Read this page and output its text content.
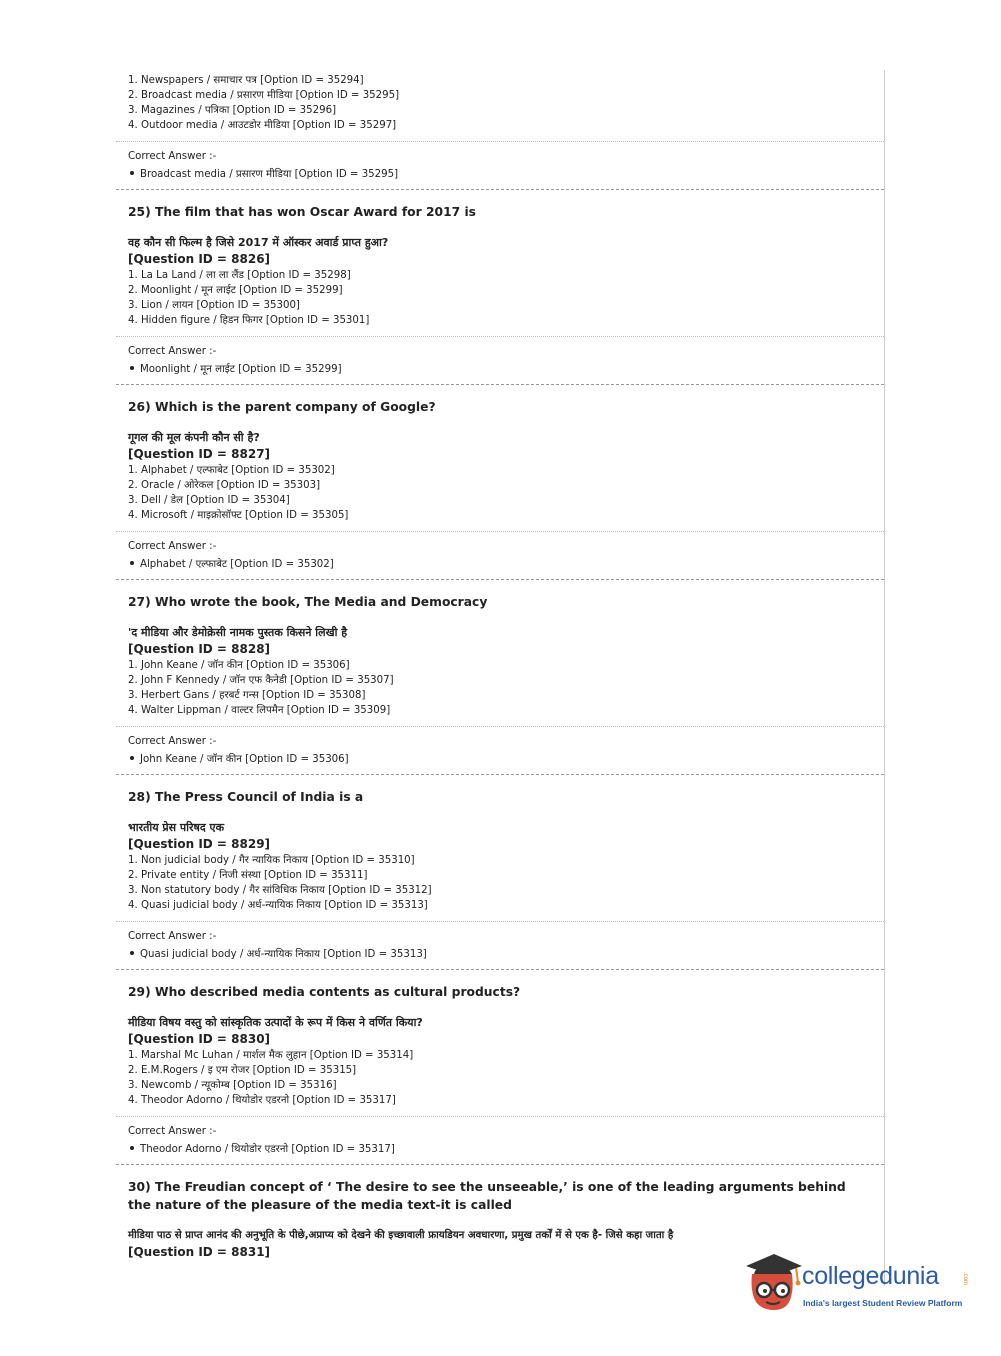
1. Newspapers / समाचार पत्र [Option ID = 35294]
2. Broadcast media / प्रसारण मीडिया [Option ID = 35295]
3. Magazines / पत्रिका [Option ID = 35296]
4. Outdoor media / आउटडोर मीडिया [Option ID = 35297]
Correct Answer :-
Broadcast media / प्रसारण मीडिया [Option ID = 35295]
25) The film that has won Oscar Award for 2017 is
वह कौन सी फिल्म है जिसे 2017 में ऑस्कर अवार्ड प्राप्त हुआ?
[Question ID = 8826]
1. La La Land / ला ला लैंड [Option ID = 35298]
2. Moonlight / मून लाईट [Option ID = 35299]
3. Lion / लायन [Option ID = 35300]
4. Hidden figure / हिडन फिगर [Option ID = 35301]
Correct Answer :-
Moonlight / मून लाईट [Option ID = 35299]
26) Which is the parent company of Google?
गूगल की मूल कंपनी कौन सी है?
[Question ID = 8827]
1. Alphabet / एल्फाबेट [Option ID = 35302]
2. Oracle / ओरेकल [Option ID = 35303]
3. Dell / डेल [Option ID = 35304]
4. Microsoft / माइक्रोसॉफ्ट [Option ID = 35305]
Correct Answer :-
Alphabet / एल्फाबेट [Option ID = 35302]
27) Who wrote the book, The Media and Democracy
'द मीडिया और डेमोक्रेसी नामक पुस्तक किसने लिखी है
[Question ID = 8828]
1. John Keane / जॉन कीन [Option ID = 35306]
2. John F Kennedy / जॉन एफ कैनेडी [Option ID = 35307]
3. Herbert Gans / हरबर्ट गन्स [Option ID = 35308]
4. Walter Lippman / वाल्टर लिपमैन [Option ID = 35309]
Correct Answer :-
John Keane / जॉन कीन [Option ID = 35306]
28) The Press Council of India is a
भारतीय प्रेस परिषद एक
[Question ID = 8829]
1. Non judicial body / गैर न्यायिक निकाय [Option ID = 35310]
2. Private entity / निजी संस्था [Option ID = 35311]
3. Non statutory body / गैर सांविधिक निकाय [Option ID = 35312]
4. Quasi judicial body / अर्ध-न्यायिक निकाय [Option ID = 35313]
Correct Answer :-
Quasi judicial body / अर्ध-न्यायिक निकाय [Option ID = 35313]
29) Who described media contents as cultural products?
मीडिया विषय वस्तु को सांस्कृतिक उत्पादों के रूप में किस ने वर्णित किया?
[Question ID = 8830]
1. Marshal Mc Luhan / मार्शल मैक लुहान [Option ID = 35314]
2. E.M.Rogers / इ एम रोजर [Option ID = 35315]
3. Newcomb / न्यूकोम्ब [Option ID = 35316]
4. Theodor Adorno / थियोडोर एडरनो [Option ID = 35317]
Correct Answer :-
Theodor Adorno / थियोडोर एडरनो [Option ID = 35317]
30) The Freudian concept of ‘ The desire to see the unseeable,’ is one of the leading arguments behind the nature of the pleasure of the media text-it is called
मीडिया पाठ से प्राप्त आनंद की अनुभूति के पीछे,अप्राप्य को देखने की इच्छावाली फ्रायडियन अवधारणा, प्रमुख तर्कों में से एक है- जिसे कहा जाता है
[Question ID = 8831]
collegedunia	.com
India's largest Student Review Platform
